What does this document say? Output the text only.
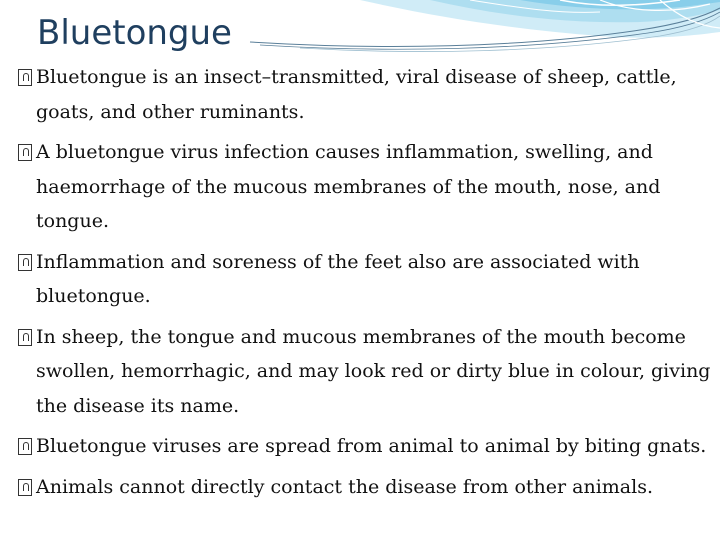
Bluetongue
Bluetongue is an insect–transmitted, viral disease of sheep, cattle, goats, and other ruminants.
A bluetongue virus infection causes inflammation, swelling, and haemorrhage of the mucous membranes of the mouth, nose, and tongue.
Inflammation and soreness of the feet also are associated with bluetongue.
In sheep, the tongue and mucous membranes of the mouth become swollen, hemorrhagic, and may look red or dirty blue in colour, giving the disease its name.
Bluetongue viruses are spread from animal to animal by biting gnats.
Animals cannot directly contact the disease from other animals.
